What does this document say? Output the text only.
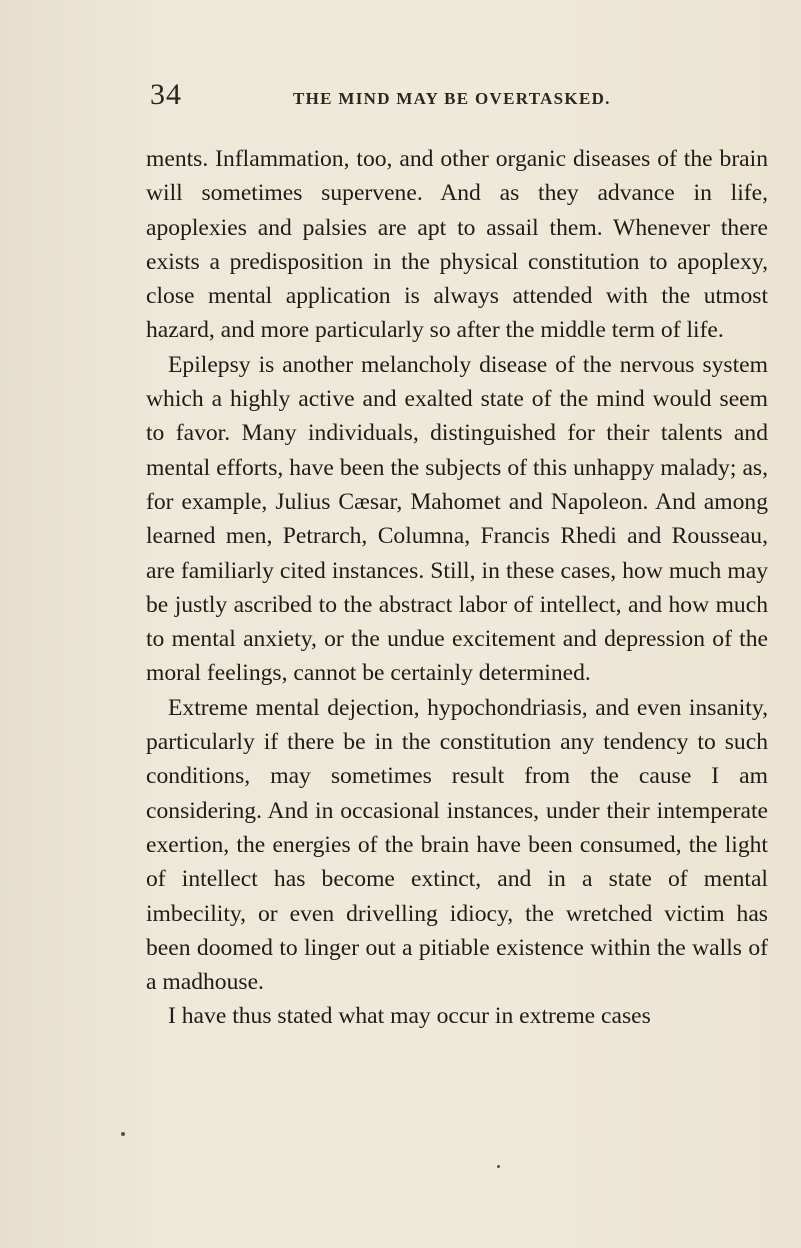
34	THE MIND MAY BE OVERTASKED.

ments. Inflammation, too, and other organic diseases of the brain will sometimes supervene. And as they advance in life, apoplexies and palsies are apt to assail them. Whenever there exists a predisposition in the physical constitution to apoplexy, close mental application is always attended with the utmost hazard, and more particularly so after the middle term of life.

Epilepsy is another melancholy disease of the nervous system which a highly active and exalted state of the mind would seem to favor. Many individuals, distinguished for their talents and mental efforts, have been the subjects of this unhappy malady; as, for example, Julius Cæsar, Mahomet and Napoleon. And among learned men, Petrarch, Columna, Francis Rhedi and Rousseau, are familiarly cited instances. Still, in these cases, how much may be justly ascribed to the abstract labor of intellect, and how much to mental anxiety, or the undue excitement and depression of the moral feelings, cannot be certainly determined.

Extreme mental dejection, hypochondriasis, and even insanity, particularly if there be in the constitution any tendency to such conditions, may sometimes result from the cause I am considering. And in occasional instances, under their intemperate exertion, the energies of the brain have been consumed, the light of intellect has become extinct, and in a state of mental imbecility, or even drivelling idiocy, the wretched victim has been doomed to linger out a pitiable existence within the walls of a madhouse.

I have thus stated what may occur in extreme cases
